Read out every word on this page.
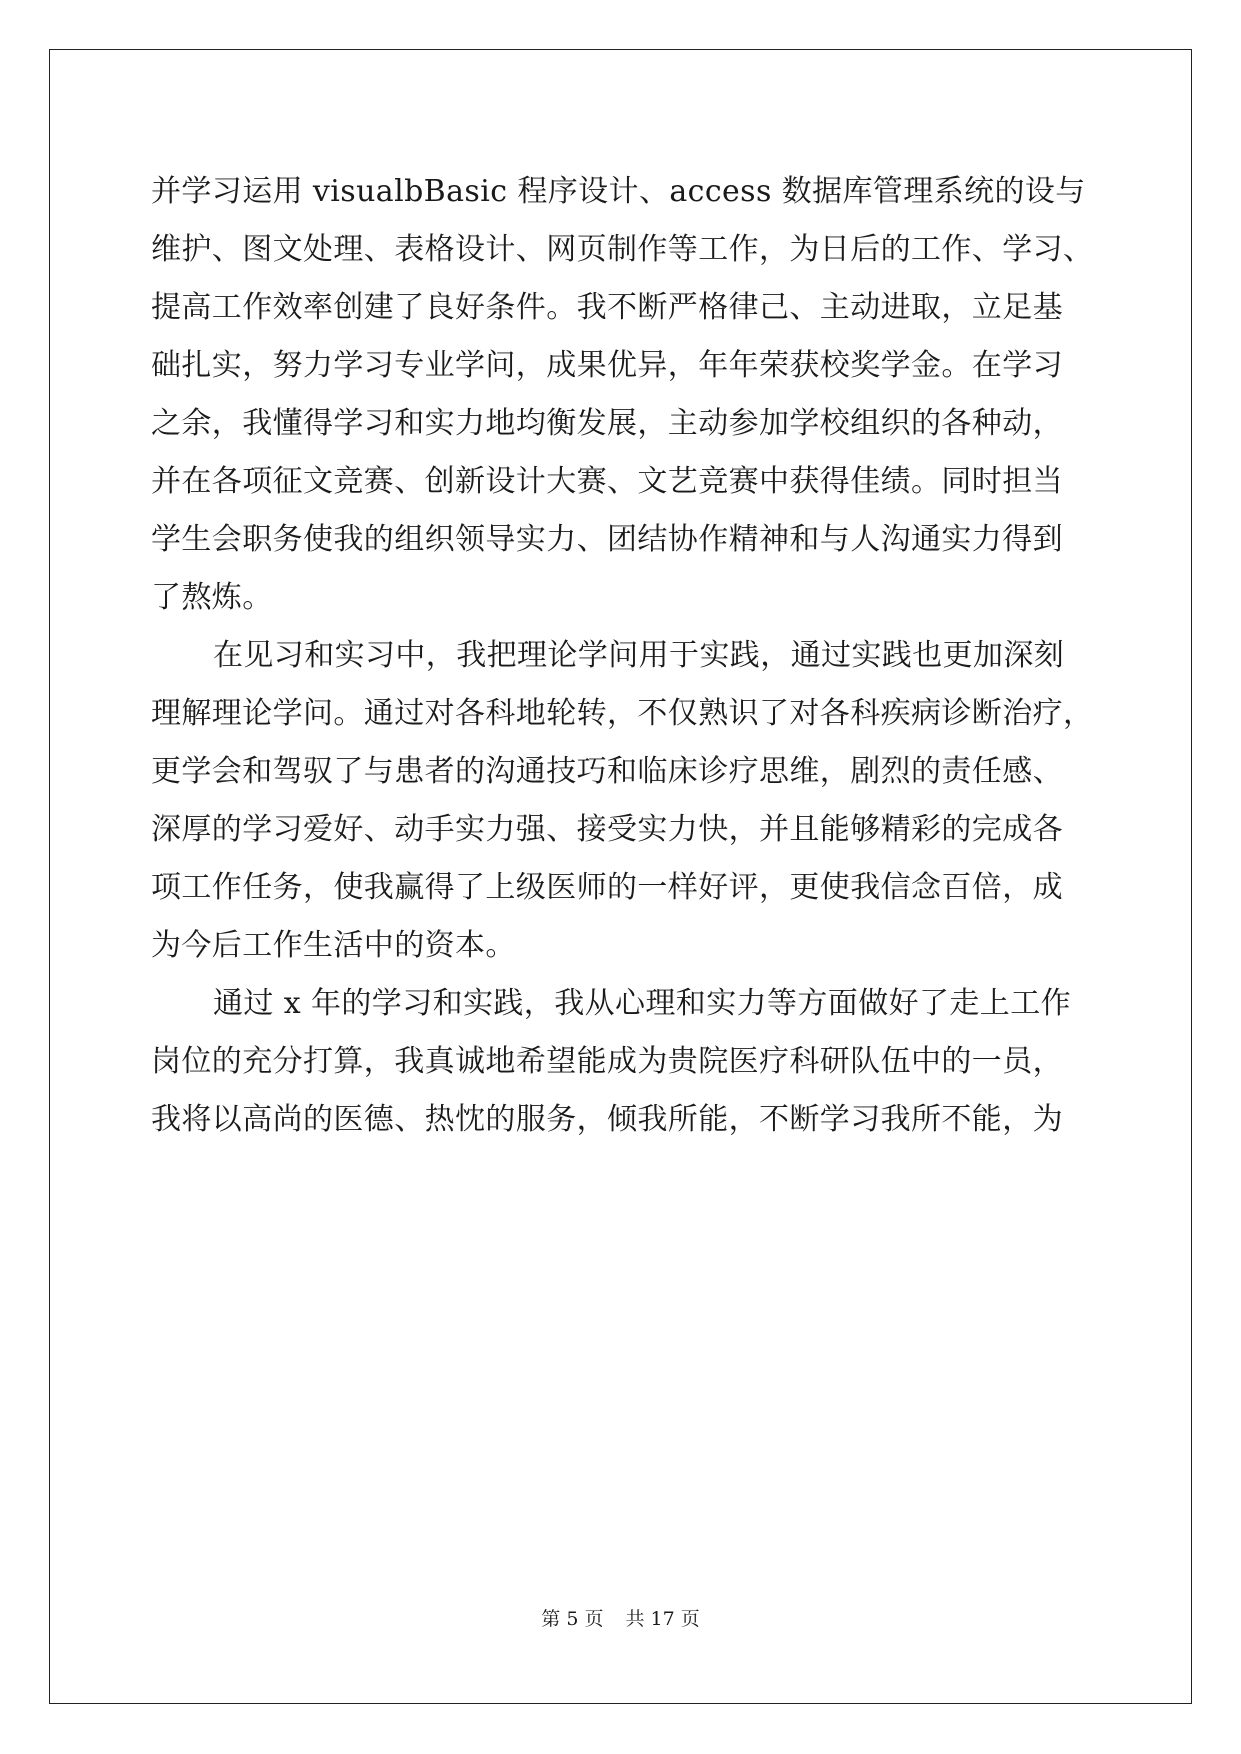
并学习运用 visualbBasic 程序设计、access 数据库管理系统的设与
维护、图文处理、表格设计、网页制作等工作，为日后的工作、学习、
提高工作效率创建了良好条件。我不断严格律己、主动进取，立足基
础扎实，努力学习专业学问，成果优异，年年荣获校奖学金。在学习
之余，我懂得学习和实力地均衡发展，主动参加学校组织的各种动，
并在各项征文竞赛、创新设计大赛、文艺竞赛中获得佳绩。同时担当
学生会职务使我的组织领导实力、团结协作精神和与人沟通实力得到
了熬炼。
在见习和实习中，我把理论学问用于实践，通过实践也更加深刻
理解理论学问。通过对各科地轮转，不仅熟识了对各科疾病诊断治疗，
更学会和驾驭了与患者的沟通技巧和临床诊疗思维，剧烈的责任感、
深厚的学习爱好、动手实力强、接受实力快，并且能够精彩的完成各
项工作任务，使我赢得了上级医师的一样好评，更使我信念百倍，成
为今后工作生活中的资本。
通过 x 年的学习和实践，我从心理和实力等方面做好了走上工作
岗位的充分打算，我真诚地希望能成为贵院医疗科研队伍中的一员，
我将以高尚的医德、热忱的服务，倾我所能，不断学习我所不能，为
第 5 页 共 17 页
